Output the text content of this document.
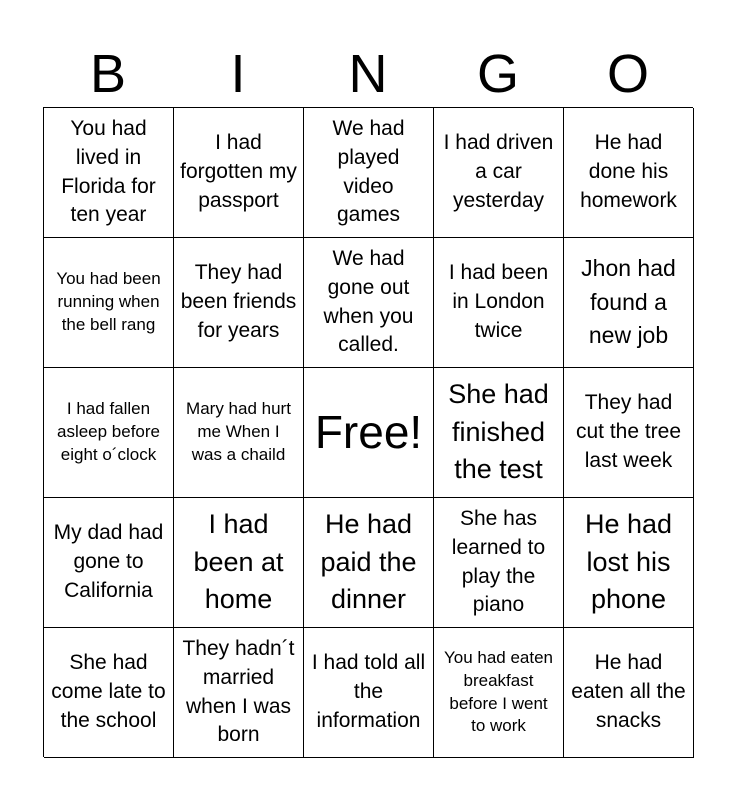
B	I	N	G	O
You had lived in Florida for ten year
I had forgotten my passport
We had played video games
I had driven a car yesterday
He had done his homework
You had been running when the bell rang
They had been friends for years
We had gone out when you called.
I had been in London twice
Jhon had found a new job
I had fallen asleep before eight o´clock
Mary had hurt me When I was a chaild Free!
She had finished the test
They had cut the tree last week
My dad had gone to California
I had been at home
He had paid the dinner
She has learned to play the piano
He had lost his phone
She had come late to the school
They hadn´t married when I was born
I had told all the information
You had eaten breakfast before I went to work
He had eaten all the snacks
